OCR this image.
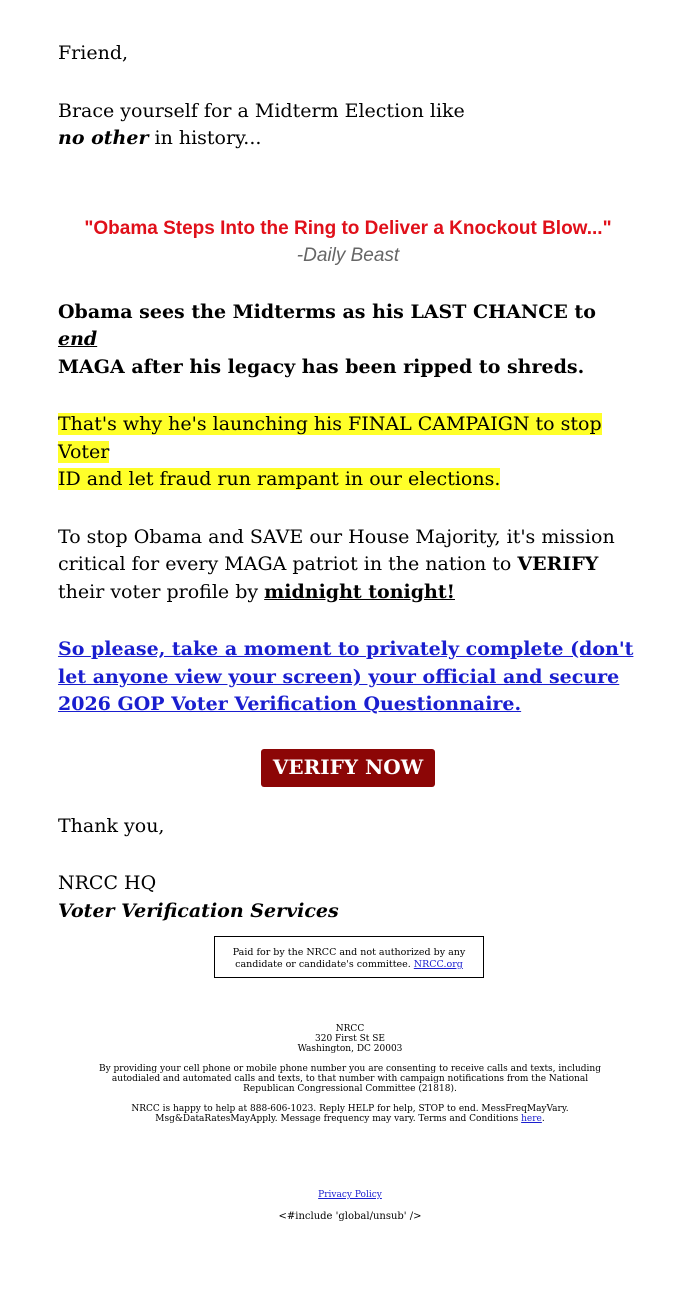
Friend,

Brace yourself for a Midterm Election like
no other in history...

"Obama Steps Into the Ring to Deliver a Knockout Blow..."
-Daily Beast

Obama sees the Midterms as his LAST CHANCE to
end
MAGA after his legacy has been ripped to shreds.

That's why he's launching his FINAL CAMPAIGN to stop Voter
ID and let fraud run rampant in our elections.

To stop Obama and SAVE our House Majority, it's mission critical for every MAGA patriot in the nation to VERIFY their voter profile by midnight tonight!

So please, take a moment to privately complete (don't let anyone view your screen) your official and secure 2026 GOP Voter Verification Questionnaire.

VERIFY NOW

Thank you,

NRCC HQ
Voter Verification Services

Paid for by the NRCC and not authorized by any candidate or candidate's committee. NRCC.org
NRCC
320 First St SE
Washington, DC 20003
By providing your cell phone or mobile phone number you are consenting to receive calls and texts, including autodialed and automated calls and texts, to that number with campaign notifications from the National Republican Congressional Committee (21818).
NRCC is happy to help at 888-606-1023. Reply HELP for help, STOP to end. MessFreqMayVary. Msg&DataRatesMayApply. Message frequency may vary. Terms and Conditions here.
Privacy Policy
<#include 'global/unsub' />
